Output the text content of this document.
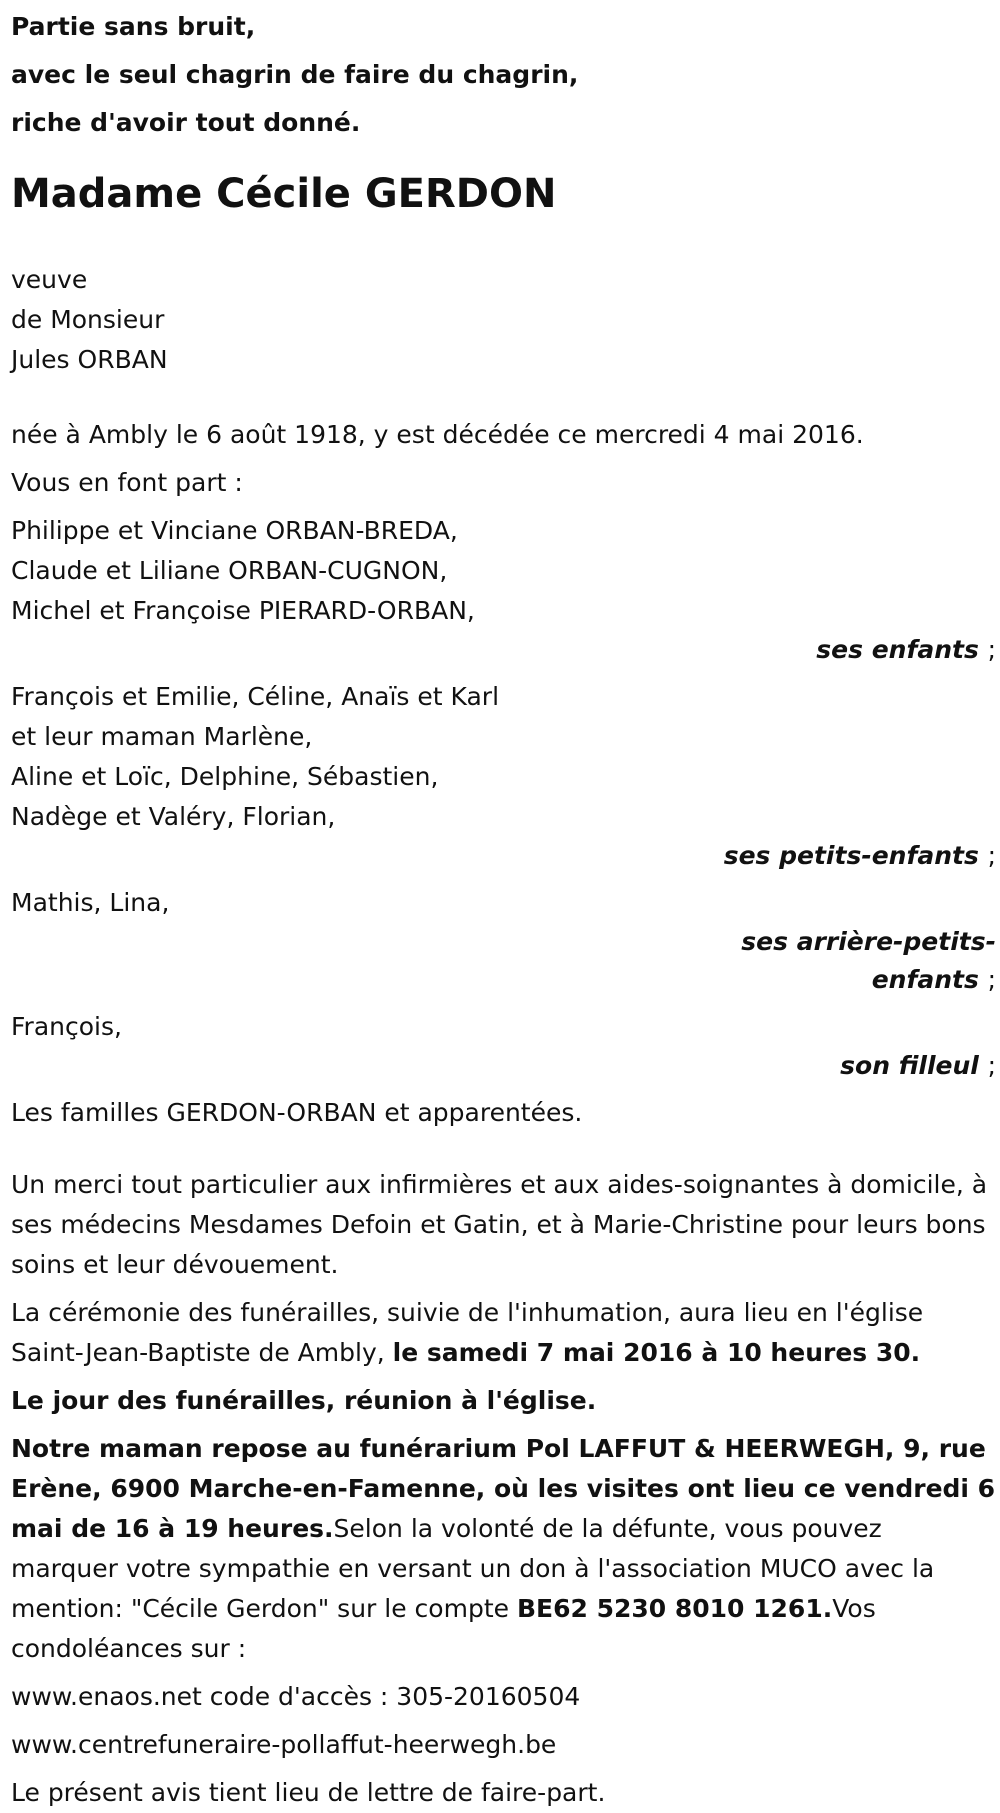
Partie sans bruit,

avec le seul chagrin de faire du chagrin,

riche d'avoir tout donné.

Madame Cécile GERDON
veuve
de Monsieur
Jules ORBAN
née à Ambly le 6 août 1918, y est décédée ce mercredi 4 mai 2016.
Vous en font part :
Philippe et Vinciane ORBAN-BREDA,
Claude et Liliane ORBAN-CUGNON,
Michel et Françoise PIERARD-ORBAN,
ses enfants ;
François et Emilie, Céline, Anaïs et Karl
et leur maman Marlène,
Aline et Loïc, Delphine, Sébastien,
Nadège et Valéry, Florian,
ses petits-enfants ;
Mathis, Lina,
ses arrière-petits-
enfants ;
François,
son filleul ;
Les familles GERDON-ORBAN et apparentées.
Un merci tout particulier aux infirmières et aux aides-soignantes à domicile, à ses médecins Mesdames Defoin et Gatin, et à Marie-Christine pour leurs bons soins et leur dévouement.
La cérémonie des funérailles, suivie de l'inhumation, aura lieu en l'église Saint-Jean-Baptiste de Ambly, le samedi 7 mai 2016 à 10 heures 30.
Le jour des funérailles, réunion à l'église.
Notre maman repose au funérarium Pol LAFFUT & HEERWEGH, 9, rue Erène, 6900 Marche-en-Famenne, où les visites ont lieu ce vendredi 6 mai de 16 à 19 heures.Selon la volonté de la défunte, vous pouvez marquer votre sympathie en versant un don à l'association MUCO avec la mention: "Cécile Gerdon" sur le compte BE62 5230 8010 1261.Vos condoléances sur :
www.enaos.net code d'accès : 305-20160504
www.centrefuneraire-pollaffut-heerwegh.be
Le présent avis tient lieu de lettre de faire-part.
